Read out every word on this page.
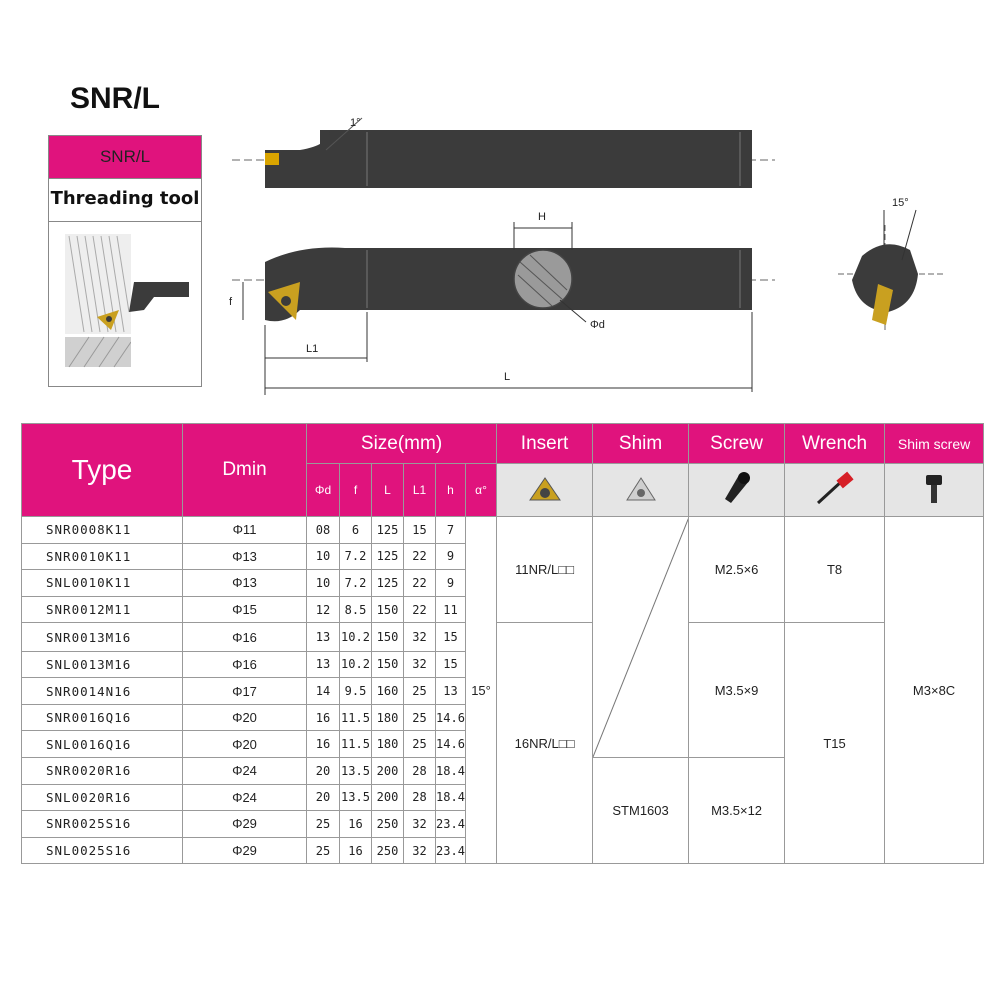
SNR/L
1°
H
Φd
f
L1
L
15°
SNR/L
Threading tool
Type	Dmin	Size(mm)						Insert	Shim	Screw	Wrench	Shim screw
		Φd	f	L	L1	h	α°					
SNR0008K11	Φ11	08	6	125	15	7	15°	11NR/L□□		M2.5×6	T8	M3×8C
SNR0010K11	Φ13	10	7.2	125	22	9						
SNL0010K11	Φ13	10	7.2	125	22	9						
SNR0012M11	Φ15	12	8.5	150	22	11						
SNR0013M16	Φ16	13	10.2	150	32	15		16NR/L□□		M3.5×9	T15	
SNL0013M16	Φ16	13	10.2	150	32	15						
SNR0014N16	Φ17	14	9.5	160	25	13						
SNR0016Q16	Φ20	16	11.5	180	25	14.6						
SNL0016Q16	Φ20	16	11.5	180	25	14.6						
SNR0020R16	Φ24	20	13.5	200	28	18.4			STM1603	M3.5×12		
SNL0020R16	Φ24	20	13.5	200	28	18.4						
SNR0025S16	Φ29	25	16	250	32	23.4						
SNL0025S16	Φ29	25	16	250	32	23.4						
